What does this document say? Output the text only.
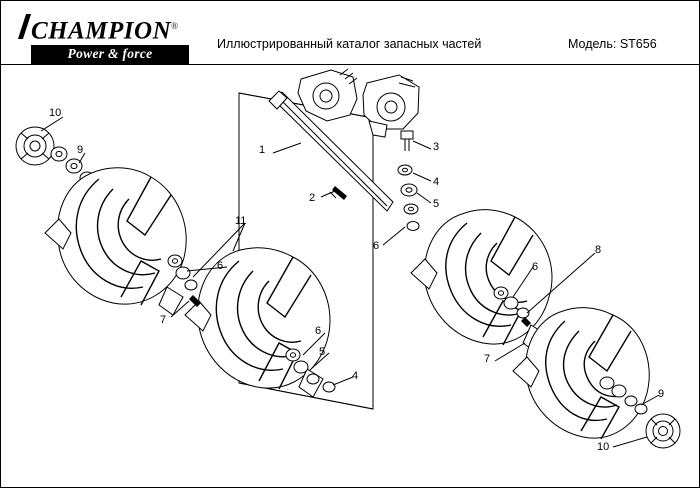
CHAMPION®
Power & force
Иллюстрированный каталог запасных частей	Модель: ST656
1
2
3
4
5
6
10
9
11
6
7
6
5
4
6
8
7
9
10
